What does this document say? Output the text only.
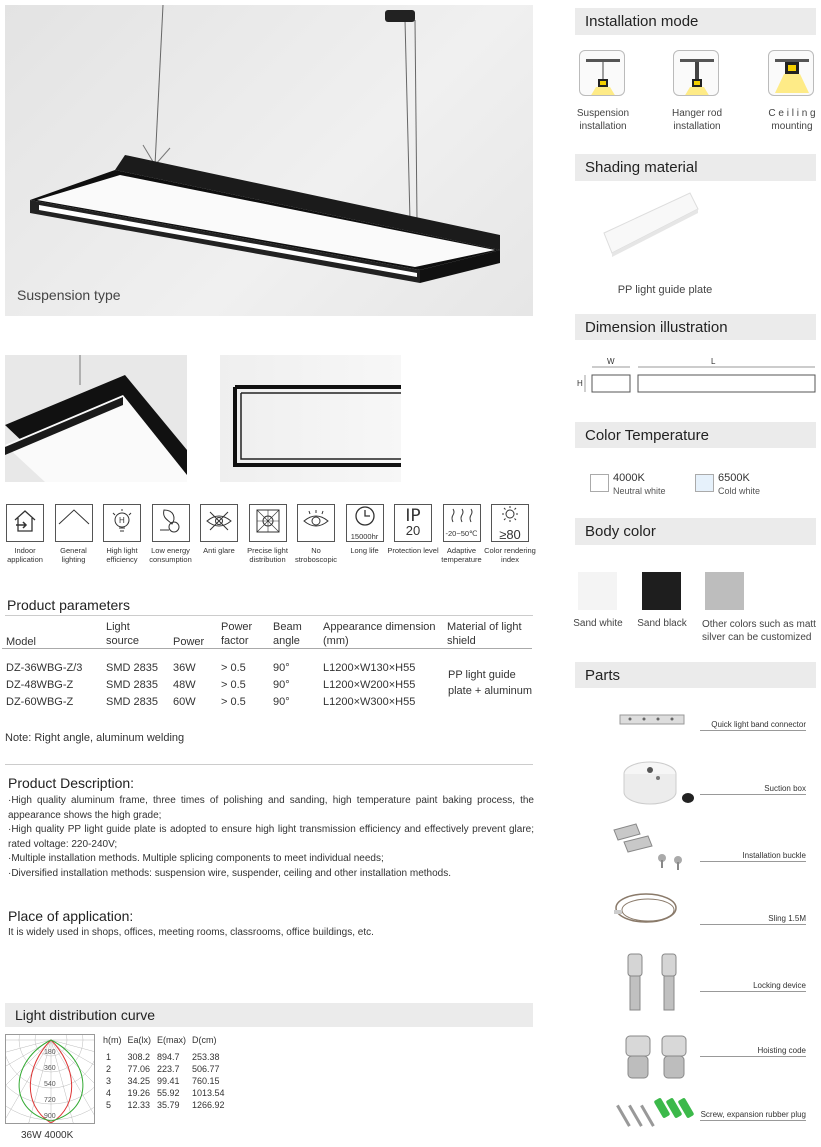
Suspension type
Product parameters
Model	Light source	Power	Power factor	Beam angle	Appearance dimension (mm)	Material of light shield

DZ-36WBG-Z/3	SMD 2835	36W	> 0.5	90°	L1200×W130×H55	
DZ-48WBG-Z	SMD 2835	48W	> 0.5	90°	L1200×W200×H55	
DZ-60WBG-Z	SMD 2835	60W	> 0.5	90°	L1200×W300×H55	
PP light guide plate + aluminum
Note: Right angle, aluminum welding
Product Description:

·High quality aluminum frame, three times of polishing and sanding, high temperature paint baking process, the appearance shows the high grade;

·High quality PP light guide plate is adopted to ensure high light transmission efficiency and effectively prevent glare; rated voltage: 220-240V;

·Multiple installation methods. Multiple splicing components to meet individual needs;

·Diversified installation methods: suspension wire, suspender, ceiling and other installation methods.

Place of application:
It is widely used in shops, offices, meeting rooms, classrooms, office buildings, etc.
Light distribution curve
180
360
540
720
900
36W 4000K
h(m)	Ea(lx)	E(max)	D(cm)
1	308.2	894.7	253.38
2	77.06	223.7	506.77
3	34.25	99.41	760.15
4	19.26	55.92	1013.54
5	12.33	35.79	1266.92
Installation mode
Suspension
installation
Hanger rod
installation
C e i l i n g
mounting
Shading material
PP light guide plate
Dimension illustration
W	L
H
Color Temperature
4000K
Neutral white
6500K
Cold white
Body color
Sand white	Sand black	Other colors such as matt silver can be customized
Parts
Quick light band connector
Suction box
Installation buckle
Sling 1.5M
Locking device
Hoisting code
Screw, expansion rubber plug
Indoor application
General lighting
H
High light efficiency
Low energy consumption
Anti glare	Precise light distribution
No stroboscopic
15000hr
Long life
IP
20
Protection level
-20~50℃
Adaptive temperature
≥80
Color rendering index
